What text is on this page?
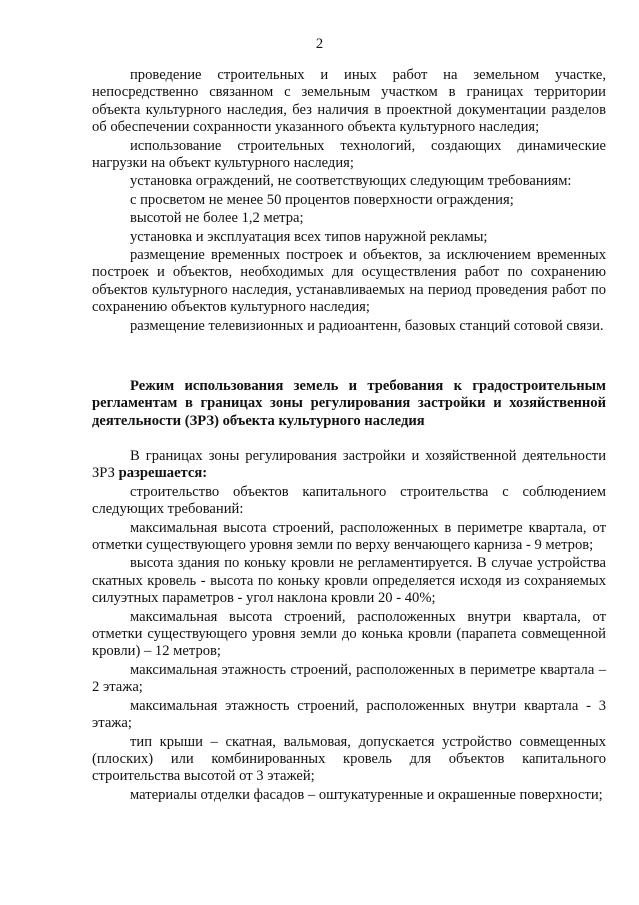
2

проведение строительных и иных работ на земельном участке, непосредственно связанном с земельным участком в границах территории объекта культурного наследия, без наличия в проектной документации разделов об обеспечении сохранности указанного объекта культурного наследия;

использование строительных технологий, создающих динамические нагрузки на объект культурного наследия;

установка ограждений, не соответствующих следующим требованиям:

с просветом не менее 50 процентов поверхности ограждения;

высотой не более 1,2 метра;

установка и эксплуатация всех типов наружной рекламы;

размещение временных построек и объектов, за исключением временных построек и объектов, необходимых для осуществления работ по сохранению объектов культурного наследия, устанавливаемых на период проведения работ по сохранению объектов культурного наследия;

размещение телевизионных и радиоантенн, базовых станций сотовой связи.

Режим использования земель и требования к градостроительным регламентам в границах зоны регулирования застройки и хозяйственной деятельности (ЗРЗ) объекта культурного наследия

В границах зоны регулирования застройки и хозяйственной деятельности ЗРЗ разрешается:

строительство объектов капитального строительства с соблюдением следующих требований:

максимальная высота строений, расположенных в периметре квартала, от отметки существующего уровня земли по верху венчающего карниза - 9 метров;

высота здания по коньку кровли не регламентируется. В случае устройства скатных кровель - высота по коньку кровли определяется исходя из сохраняемых силуэтных параметров - угол наклона кровли 20 - 40%;

максимальная высота строений, расположенных внутри квартала, от отметки существующего уровня земли до конька кровли (парапета совмещенной кровли) – 12 метров;

максимальная этажность строений, расположенных в периметре квартала – 2 этажа;

максимальная этажность строений, расположенных внутри квартала - 3 этажа;

тип крыши – скатная, вальмовая, допускается устройство совмещенных (плоских) или комбинированных кровель для объектов капитального строительства высотой от 3 этажей;

материалы отделки фасадов – оштукатуренные и окрашенные поверхности;
